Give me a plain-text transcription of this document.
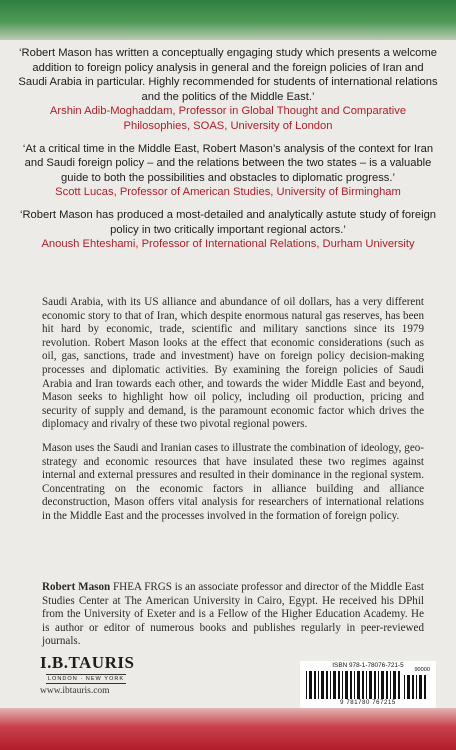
‘Robert Mason has written a conceptually engaging study which presents a welcome addition to foreign policy analysis in general and the foreign policies of Iran and Saudi Arabia in particular. Highly recommended for students of international relations and the politics of the Middle East.’
Arshin Adib-Moghaddam, Professor in Global Thought and Comparative Philosophies, SOAS, University of London
‘At a critical time in the Middle East, Robert Mason’s analysis of the context for Iran and Saudi foreign policy – and the relations between the two states – is a valuable guide to both the possibilities and obstacles to diplomatic progress.’
Scott Lucas, Professor of American Studies, University of Birmingham
‘Robert Mason has produced a most-detailed and analytically astute study of foreign policy in two critically important regional actors.’
Anoush Ehteshami, Professor of International Relations, Durham University

Saudi Arabia, with its US alliance and abundance of oil dollars, has a very different economic story to that of Iran, which despite enormous natural gas reserves, has been hit hard by economic, trade, scientific and military sanctions since its 1979 revolution. Robert Mason looks at the effect that economic considerations (such as oil, gas, sanctions, trade and investment) have on foreign policy decision-making processes and diplomatic activities. By examining the foreign policies of Saudi Arabia and Iran towards each other, and towards the wider Middle East and beyond, Mason seeks to highlight how oil policy, including oil production, pricing and security of supply and demand, is the paramount economic factor which drives the diplomacy and rivalry of these two pivotal regional powers.

Mason uses the Saudi and Iranian cases to illustrate the combination of ideology, geo-strategy and economic resources that have insulated these two regimes against internal and external pressures and resulted in their dominance in the regional system. Concentrating on the economic factors in alliance building and alliance deconstruction, Mason offers vital analysis for researchers of international relations in the Middle East and the processes involved in the formation of foreign policy.

Robert Mason FHEA FRGS is an associate professor and director of the Middle East Studies Center at The American University in Cairo, Egypt. He received his DPhil from the University of Exeter and is a Fellow of the Higher Education Academy. He is author or editor of numerous books and publishes regularly in peer-reviewed journals.
I.B.TAURIS
LONDON · NEW YORK
www.ibtauris.com
ISBN 978-1-78076-721-5
90000
9 781780 767215
